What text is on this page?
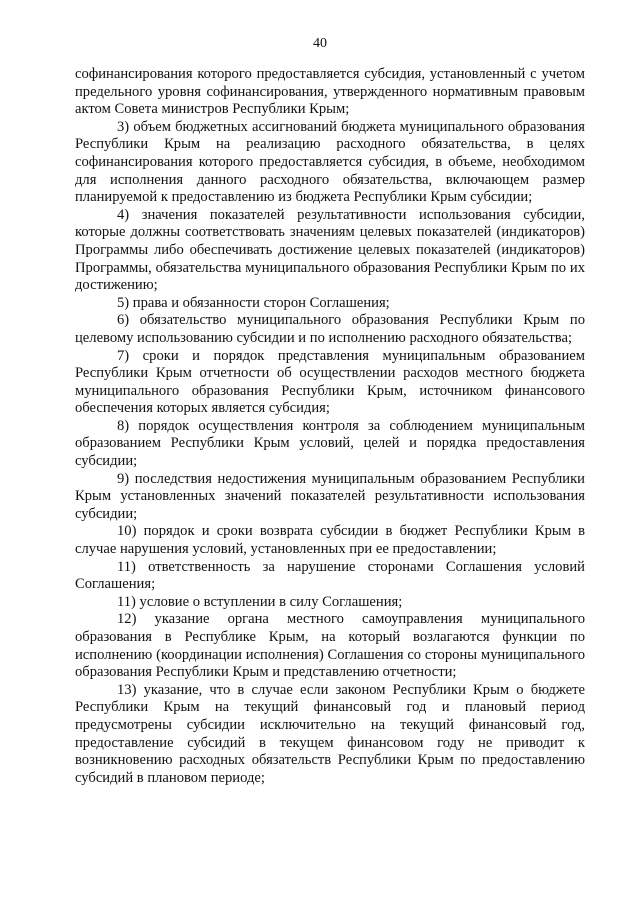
40

софинансирования которого предоставляется субсидия, установленный с учетом предельного уровня софинансирования, утвержденного нормативным правовым актом Совета министров Республики Крым;

3) объем бюджетных ассигнований бюджета муниципального образования Республики Крым на реализацию расходного обязательства, в целях софинансирования которого предоставляется субсидия, в объеме, необходимом для исполнения данного расходного обязательства, включающем размер планируемой к предоставлению из бюджета Республики Крым субсидии;

4) значения показателей результативности использования субсидии, которые должны соответствовать значениям целевых показателей (индикаторов) Программы либо обеспечивать достижение целевых показателей (индикаторов) Программы, обязательства муниципального образования Республики Крым по их достижению;

5) права и обязанности сторон Соглашения;

6) обязательство муниципального образования Республики Крым по целевому использованию субсидии и по исполнению расходного обязательства;

7) сроки и порядок представления муниципальным образованием Республики Крым отчетности об осуществлении расходов местного бюджета муниципального образования Республики Крым, источником финансового обеспечения которых является субсидия;

8) порядок осуществления контроля за соблюдением муниципальным образованием Республики Крым условий, целей и порядка предоставления субсидии;

9) последствия недостижения муниципальным образованием Республики Крым установленных значений показателей результативности использования субсидии;

10) порядок и сроки возврата субсидии в бюджет Республики Крым в случае нарушения условий, установленных при ее предоставлении;

11) ответственность за нарушение сторонами Соглашения условий Соглашения;

11) условие о вступлении в силу Соглашения;

12) указание органа местного самоуправления муниципального образования в Республике Крым, на который возлагаются функции по исполнению (координации исполнения) Соглашения со стороны муниципального образования Республики Крым и представлению отчетности;

13) указание, что в случае если законом Республики Крым о бюджете Республики Крым на текущий финансовый год и плановый период предусмотрены субсидии исключительно на текущий финансовый год, предоставление субсидий в текущем финансовом году не приводит к возникновению расходных обязательств Республики Крым по предоставлению субсидий в плановом периоде;
